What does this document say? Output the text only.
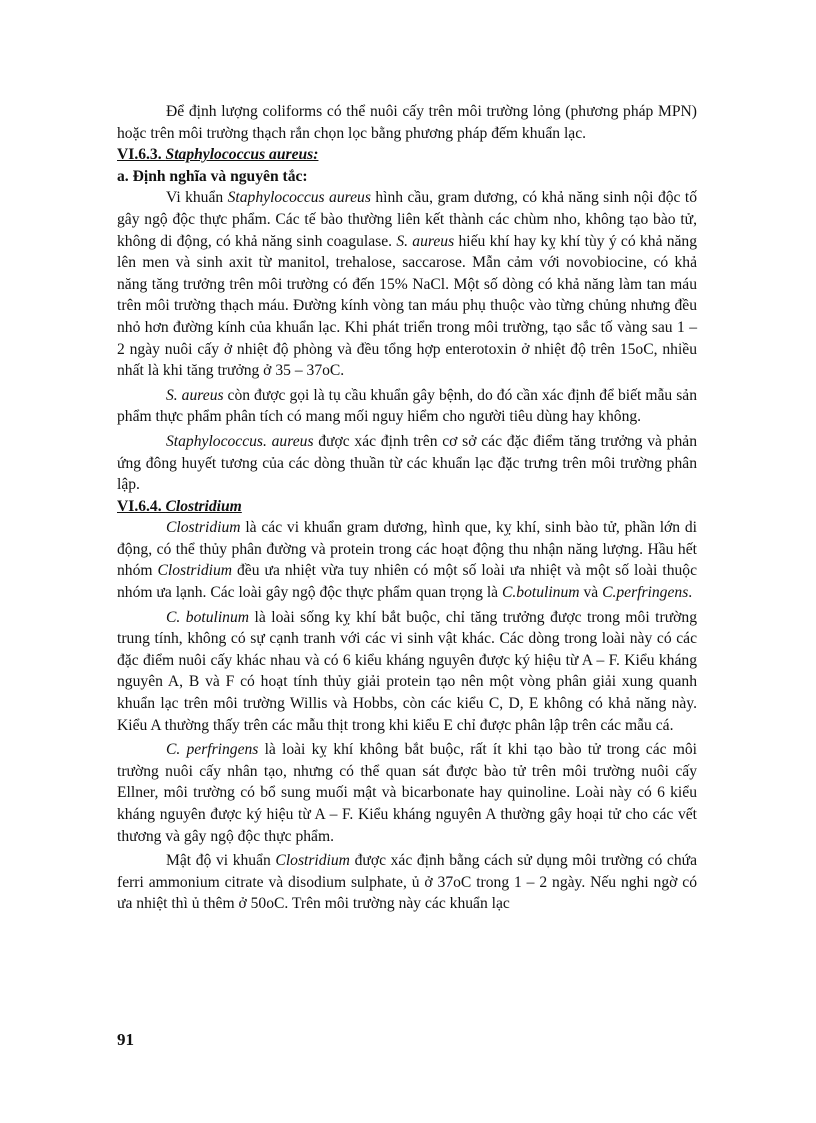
Để định lượng coliforms có thể nuôi cấy trên môi trường lỏng (phương pháp MPN) hoặc trên môi trường thạch rắn chọn lọc bằng phương pháp đếm khuẩn lạc.

VI.6.3. Staphylococcus aureus:
a. Định nghĩa và nguyên tắc:

Vi khuẩn Staphylococcus aureus hình cầu, gram dương, có khả năng sinh nội độc tố gây ngộ độc thực phẩm. Các tế bào thường liên kết thành các chùm nho, không tạo bào tử, không di động, có khả năng sinh coagulase. S. aureus hiếu khí hay kỵ khí tùy ý có khả năng lên men và sinh axit từ manitol, trehalose, saccarose. Mẫn cảm với novobiocine, có khả năng tăng trưởng trên môi trường có đến 15% NaCl. Một số dòng có khả năng làm tan máu trên môi trường thạch máu. Đường kính vòng tan máu phụ thuộc vào từng chủng nhưng đều nhỏ hơn đường kính của khuẩn lạc. Khi phát triển trong môi trường, tạo sắc tố vàng sau 1 – 2 ngày nuôi cấy ở nhiệt độ phòng và đều tổng hợp enterotoxin ở nhiệt độ trên 15oC, nhiều nhất là khi tăng trưởng ở 35 – 37oC.

S. aureus còn được gọi là tụ cầu khuẩn gây bệnh, do đó cần xác định để biết mẫu sản phẩm thực phẩm phân tích có mang mối nguy hiểm cho người tiêu dùng hay không.

Staphylococcus. aureus được xác định trên cơ sở các đặc điểm tăng trưởng và phản ứng đông huyết tương của các dòng thuần từ các khuẩn lạc đặc trưng trên môi trường phân lập.

VI.6.4. Clostridium

Clostridium là các vi khuẩn gram dương, hình que, kỵ khí, sinh bào tử, phần lớn di động, có thể thủy phân đường và protein trong các hoạt động thu nhận năng lượng. Hầu hết nhóm Clostridium đều ưa nhiệt vừa tuy nhiên có một số loài ưa nhiệt và một số loài thuộc nhóm ưa lạnh. Các loài gây ngộ độc thực phẩm quan trọng là C.botulinum và C.perfringens.

C. botulinum là loài sống kỵ khí bắt buộc, chỉ tăng trưởng được trong môi trường trung tính, không có sự cạnh tranh với các vi sinh vật khác. Các dòng trong loài này có các đặc điểm nuôi cấy khác nhau và có 6 kiểu kháng nguyên được ký hiệu từ A – F. Kiểu kháng nguyên A, B và F có hoạt tính thủy giải protein tạo nên một vòng phân giải xung quanh khuẩn lạc trên môi trường Willis và Hobbs, còn các kiểu C, D, E không có khả năng này. Kiểu A thường thấy trên các mẫu thịt trong khi kiểu E chỉ được phân lập trên các mẫu cá.

C. perfringens là loài kỵ khí không bắt buộc, rất ít khi tạo bào tử trong các môi trường nuôi cấy nhân tạo, nhưng có thể quan sát được bào tử trên môi trường nuôi cấy Ellner, môi trường có bổ sung muối mật và bicarbonate hay quinoline. Loài này có 6 kiểu kháng nguyên được ký hiệu từ A – F. Kiểu kháng nguyên A thường gây hoại tử cho các vết thương và gây ngộ độc thực phẩm.

Mật độ vi khuẩn Clostridium được xác định bằng cách sử dụng môi trường có chứa ferri ammonium citrate và disodium sulphate, ủ ở 37oC trong 1 – 2 ngày. Nếu nghi ngờ có ưa nhiệt thì ủ thêm ở 50oC. Trên môi trường này các khuẩn lạc

91
